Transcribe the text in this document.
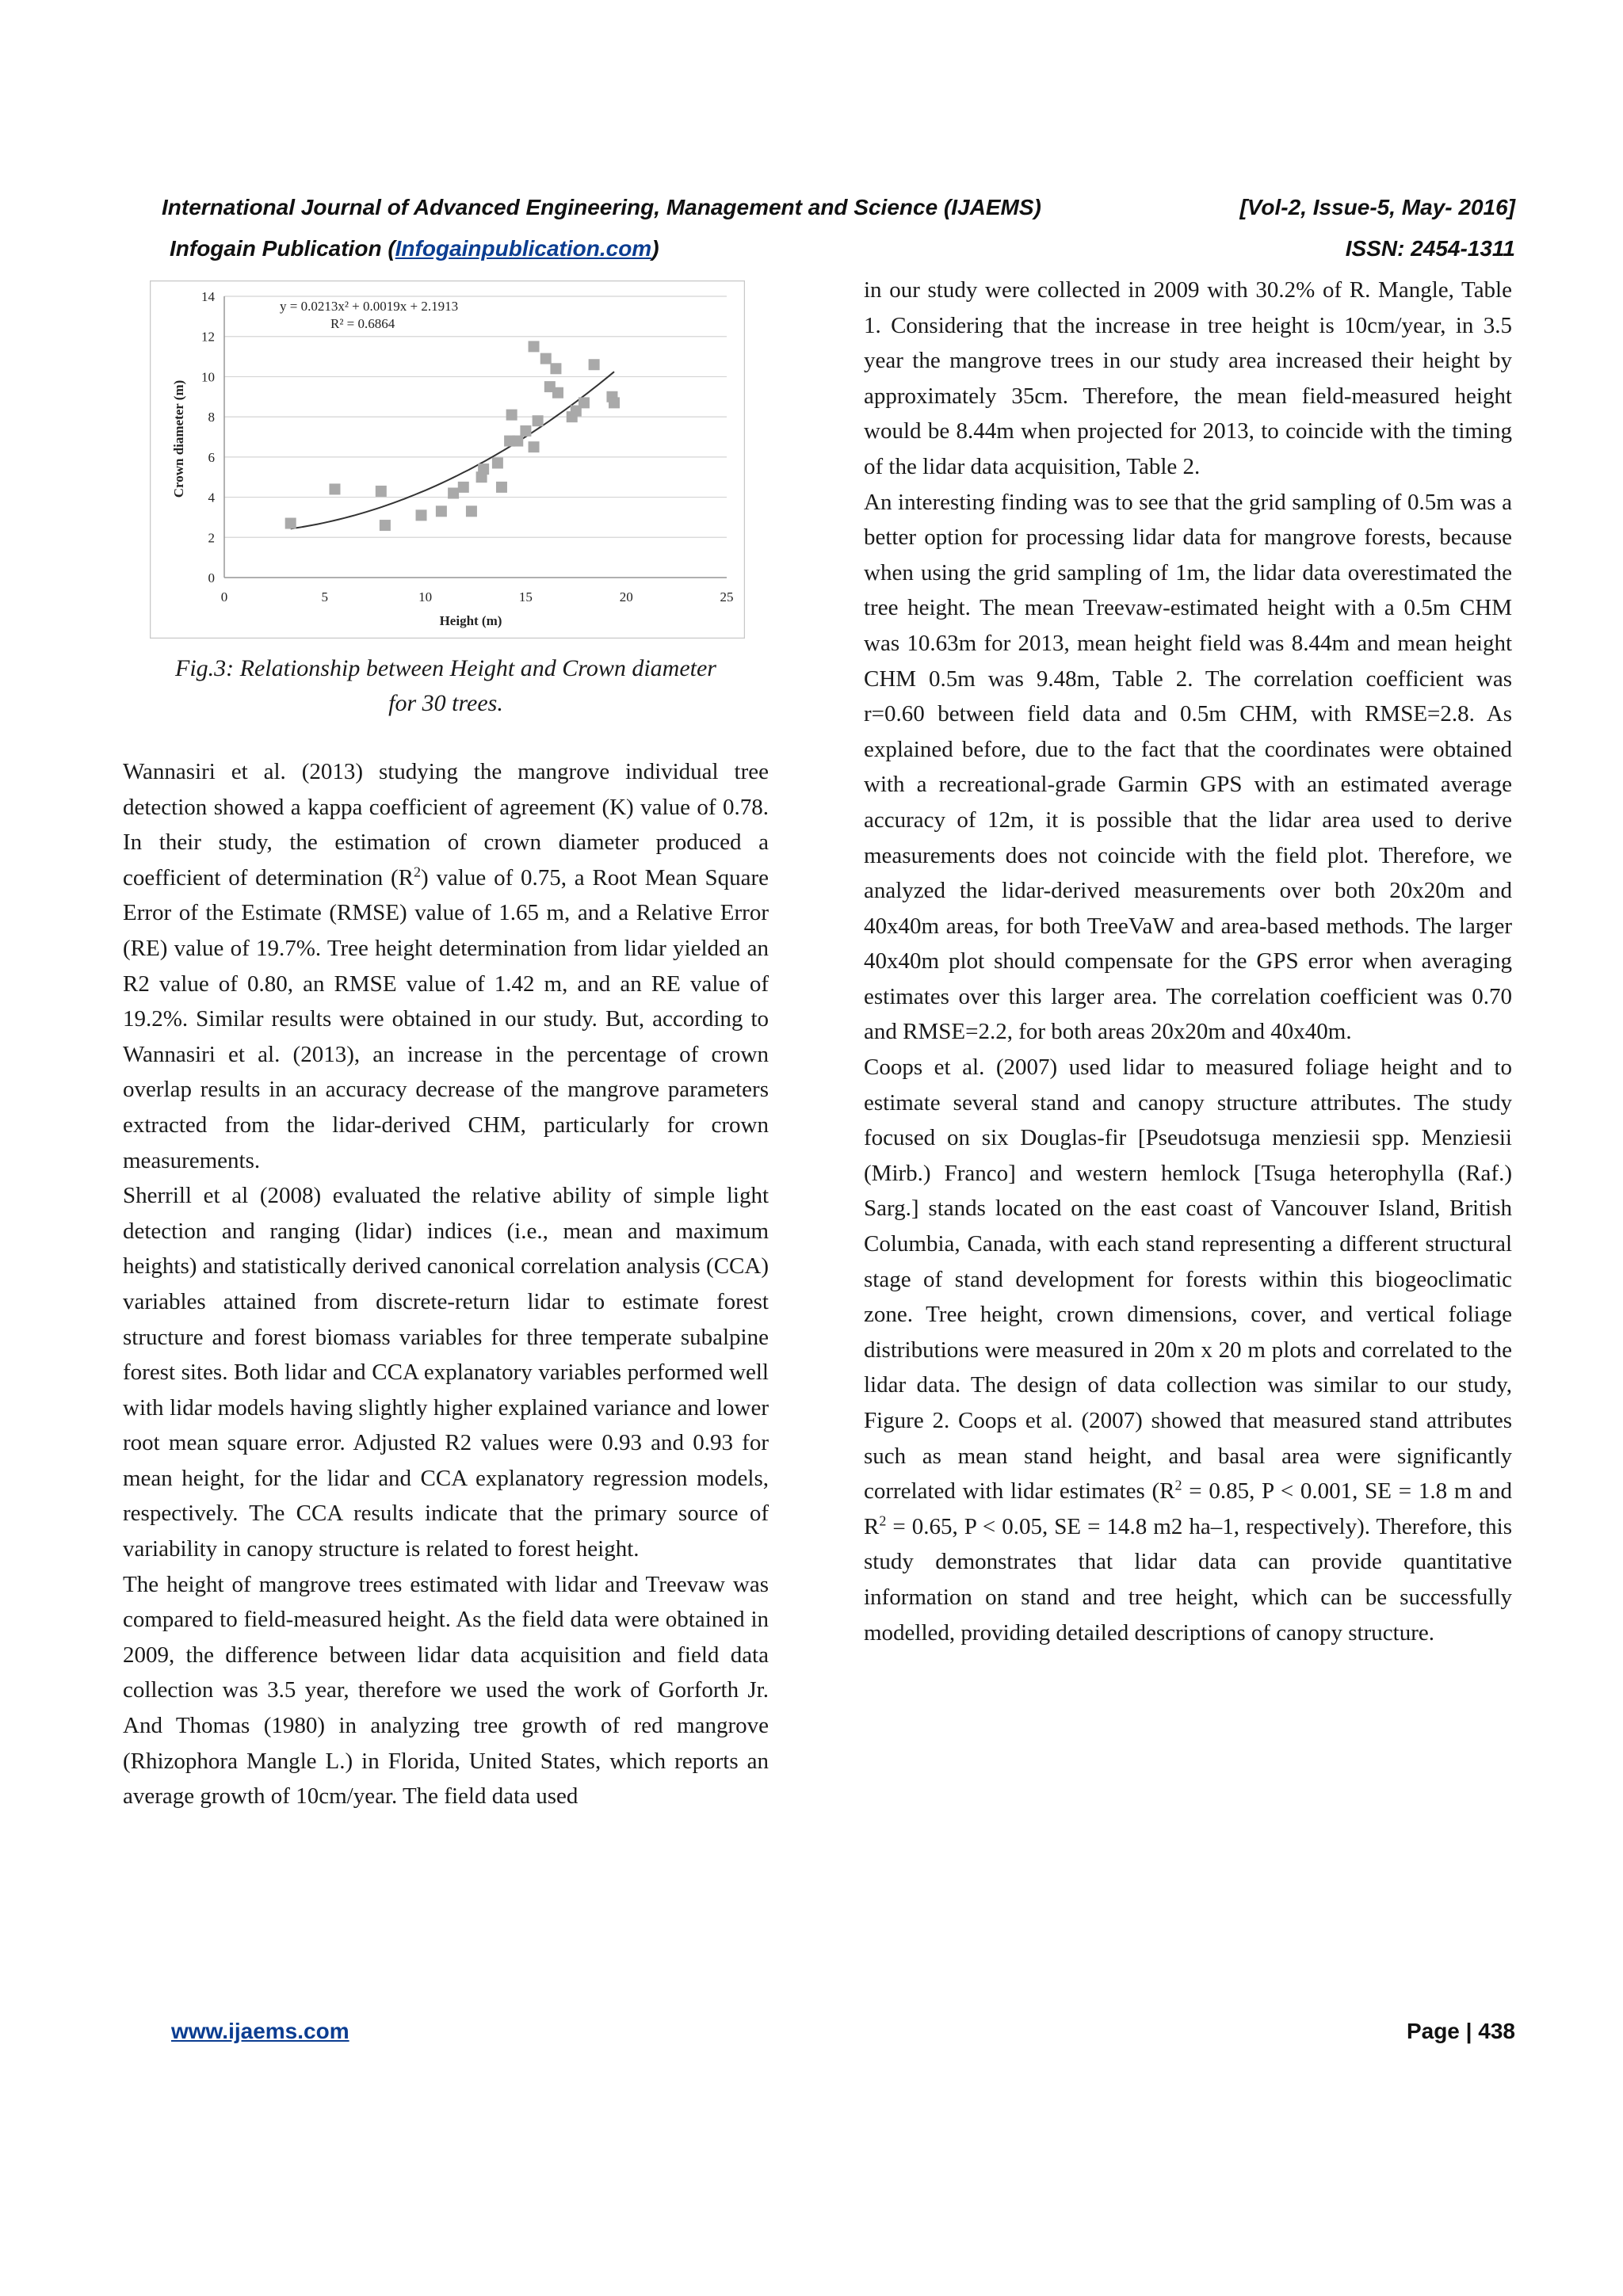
International Journal of Advanced Engineering, Management and Science (IJAEMS)	[Vol-2, Issue-5, May- 2016]
Infogain Publication (Infogainpublication.com)	ISSN: 2454-1311
0
2
4
6
8
10
12
14
0	5	10	15	20	25
y = 0.0213x² + 0.0019x + 2.1913
R² = 0.6864
Height (m)
Crown diameter (m)
Fig.3: Relationship between Height and Crown diameter
for 30 trees.

Wannasiri et al. (2013) studying the mangrove individual tree detection showed a kappa coefficient of agreement (K) value of 0.78. In their study, the estimation of crown diameter produced a coefficient of determination $(R^2)$ value of 0.75, a Root Mean Square Error of the Estimate (RMSE) value of 1.65 m, and a Relative Error (RE) value of 19.7%. Tree height determination from lidar yielded an R2 value of 0.80, an RMSE value of 1.42 m, and an RE value of 19.2%. Similar results were obtained in our study. But, according to Wannasiri et al. (2013), an increase in the percentage of crown overlap results in an accuracy decrease of the mangrove parameters extracted from the lidar-derived CHM, particularly for crown measurements.

Sherrill et al (2008) evaluated the relative ability of simple light detection and ranging (lidar) indices (i.e., mean and maximum heights) and statistically derived canonical correlation analysis (CCA) variables attained from discrete-return lidar to estimate forest structure and forest biomass variables for three temperate subalpine forest sites. Both lidar and CCA explanatory variables performed well with lidar models having slightly higher explained variance and lower root mean square error. Adjusted R2 values were 0.93 and 0.93 for mean height, for the lidar and CCA explanatory regression models, respectively. The CCA results indicate that the primary source of variability in canopy structure is related to forest height.

The height of mangrove trees estimated with lidar and Treevaw was compared to field-measured height. As the field data were obtained in 2009, the difference between lidar data acquisition and field data collection was 3.5 year, therefore we used the work of Gorforth Jr. And Thomas (1980) in analyzing tree growth of red mangrove (Rhizophora Mangle L.) in Florida, United States, which reports an average growth of 10cm/year. The field data used

in our study were collected in 2009 with 30.2% of R. Mangle, Table 1. Considering that the increase in tree height is 10cm/year, in 3.5 year the mangrove trees in our study area increased their height by approximately 35cm. Therefore, the mean field-measured height would be 8.44m when projected for 2013, to coincide with the timing of the lidar data acquisition, Table 2.

An interesting finding was to see that the grid sampling of 0.5m was a better option for processing lidar data for mangrove forests, because when using the grid sampling of 1m, the lidar data overestimated the tree height. The mean Treevaw-estimated height with a 0.5m CHM was 10.63m for 2013, mean height field was 8.44m and mean height CHM 0.5m was 9.48m, Table 2. The correlation coefficient was r=0.60 between field data and 0.5m CHM, with RMSE=2.8. As explained before, due to the fact that the coordinates were obtained with a recreational-grade Garmin GPS with an estimated average accuracy of 12m, it is possible that the lidar area used to derive measurements does not coincide with the field plot. Therefore, we analyzed the lidar-derived measurements over both 20x20m and 40x40m areas, for both TreeVaW and area-based methods. The larger 40x40m plot should compensate for the GPS error when averaging estimates over this larger area. The correlation coefficient was 0.70 and RMSE=2.2, for both areas 20x20m and 40x40m.

Coops et al. (2007) used lidar to measured foliage height and to estimate several stand and canopy structure attributes. The study focused on six Douglas-fir [Pseudotsuga menziesii spp. Menziesii (Mirb.) Franco] and western hemlock [Tsuga heterophylla (Raf.) Sarg.] stands located on the east coast of Vancouver Island, British Columbia, Canada, with each stand representing a different structural stage of stand development for forests within this biogeoclimatic zone. Tree height, crown dimensions, cover, and vertical foliage distributions were measured in 20m x 20 m plots and correlated to the lidar data. The design of data collection was similar to our study, Figure 2. Coops et al. (2007) showed that measured stand attributes such as mean stand height, and basal area were significantly correlated with lidar estimates ($R^2 = 0.85$, P < 0.001, SE = 1.8 m and $R^2 = 0.65$, P < 0.05, SE = 14.8 m2 ha–1, respectively). Therefore, this study demonstrates that lidar data can provide quantitative information on stand and tree height, which can be successfully modelled, providing detailed descriptions of canopy structure.

www.ijaems.com	Page | 438
